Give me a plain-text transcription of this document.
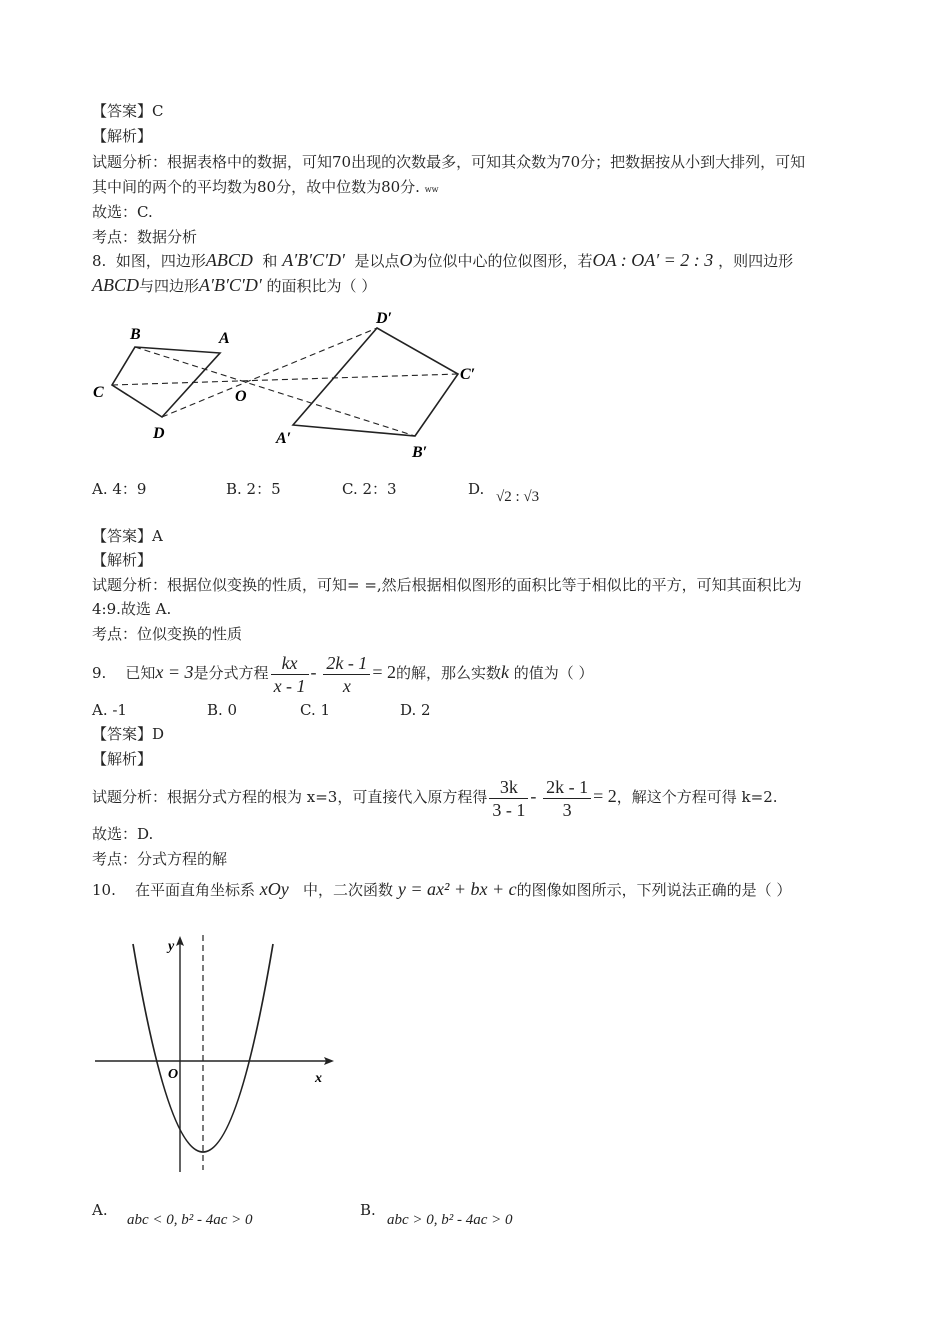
【答案】C
【解析】
试题分析：根据表格中的数据，可知70出现的次数最多，可知其众数为70分；把数据按从小到大排列，可知
其中间的两个的平均数为80分，故中位数为80分. ww
故选：C.
考点：数据分析
8. 如图，四边形ABCD 和 A′B′C′D′ 是以点O为位似中心的位似图形，若OA : OA′ = 2 : 3 ，则四边形
ABCD与四边形A′B′C′D′ 的面积比为（ ）
B	A
C
D
O
D′
C′
A′
B′
A. 4：9	B. 2：5	C. 2：3	D. √2 : √3
【答案】A
【解析】
试题分析：根据位似变换的性质，可知= =,然后根据相似图形的面积比等于相似比的平方，可知其面积比为
4:9.故选 A.
考点：位似变换的性质
9. 已知x = 3是分式方程 $\frac{kx}{x - 1} - \frac{2k - 1}{x} = 2$的解，那么实数k 的值为（ ）
A. -1	B. 0	C. 1	D. 2
【答案】D
【解析】
试题分析：根据分式方程的根为 x=3，可直接代入原方程得 $\frac{3k}{3 - 1} - \frac{2k - 1}{3} = 2$，解这个方程可得 k=2.
故选：D.
考点：分式方程的解
10. 在平面直角坐标系 xOy 中，二次函数 y = ax² + bx + c的图像如图所示，下列说法正确的是（ ）
y
x
O
A.
abc < 0, b² - 4ac > 0
B.
abc > 0, b² - 4ac > 0
